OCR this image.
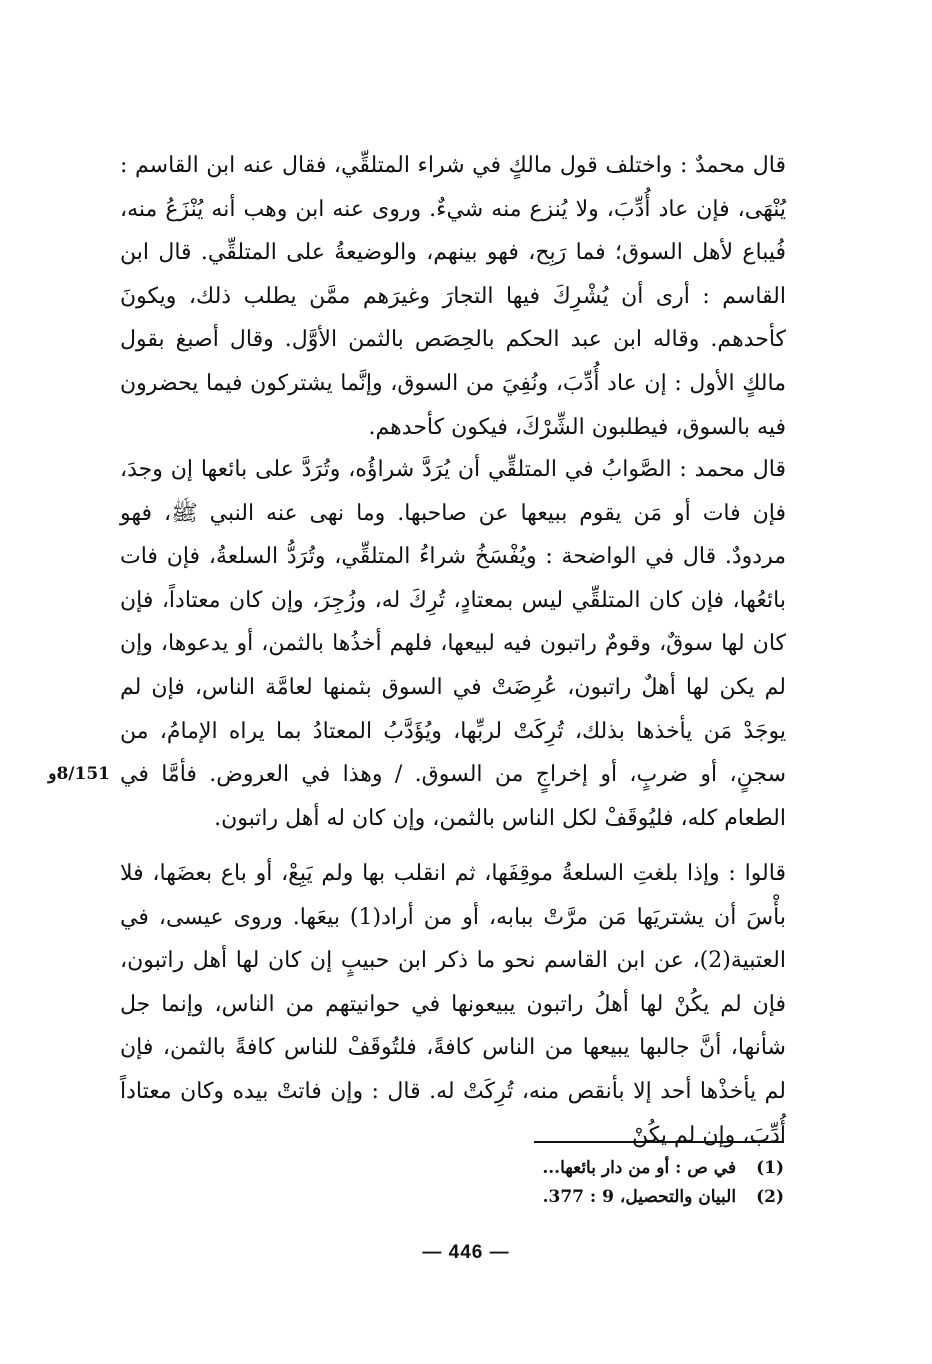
قال محمدٌ : واختلف قول مالكٍ في شراء المتلقِّي، فقال عنه ابن القاسم : يُنْهَى، فإن عاد أُدِّبَ، ولا يُنزع منه شيءٌ. وروى عنه ابن وهب أنه يُنْزَعُ منه، فُيباع لأهل السوق؛ فما رَبِح، فهو بينهم، والوضيعةُ على المتلقِّي. قال ابن القاسم : أرى أن يُشْرِكَ فيها التجارَ وغيرَهم ممَّن يطلب ذلك، ويكونَ كأحدهم. وقاله ابن عبد الحكم بالحِصَص بالثمن الأوَّل. وقال أصبغ بقول مالكٍ الأول : إن عاد أُدِّبَ، ونُفِيَ من السوق، وإنَّما يشتركون فيما يحضرون فيه بالسوق، فيطلبون الشِّرْكَ، فيكون كأحدهم.

قال محمد : الصَّوابُ في المتلقِّي أن يُرَدَّ شراؤُه، وتُرَدَّ على بائعها إن وجدَ، فإن فات أو مَن يقوم ببيعها عن صاحبها. وما نهى عنه النبي ﷺ، فهو مردودٌ. قال في الواضحة : ويُفْسَخُ شراءُ المتلقِّي، وتُرَدُّ السلعةُ، فإن فات بائعُها، فإن كان المتلقِّي ليس بمعتادٍ، تُرِكَ له، وزُجِرَ، وإن كان معتاداً، فإن كان لها سوقٌ، وقومٌ راتبون فيه لبيعها، فلهم أخذُها بالثمن، أو يدعوها، وإن لم يكن لها أهلٌ راتبون، عُرِضَتْ في السوق بثمنها لعامَّة الناس، فإن لم يوجَدْ مَن يأخذها بذلك، تُرِكَتْ لربِّها، ويُؤَدَّبُ المعتادُ بما يراه الإمامُ، من سجنٍ، أو ضربٍ، أو إخراجٍ من السوق. / وهذا في العروض. فأمَّا في الطعام كله، فليُوقَفْ لكل الناس بالثمن، وإن كان له أهل راتبون.

قالوا : وإذا بلغتِ السلعةُ موقِفَها، ثم انقلب بها ولم يَبِعْ، أو باع بعضَها، فلا بأْسَ أن يشتريَها مَن مرَّتْ ببابه، أو من أراد(1) بيعَها. وروى عيسى، في العتبية(2)، عن ابن القاسم نحو ما ذكر ابن حبيبٍ إن كان لها أهل راتبون، فإن لم يكُنْ لها أهلُ راتبون يبيعونها في حوانيتهم من الناس، وإنما جل شأنها، أنَّ جالبها يبيعها من الناس كافةً، فلتُوقَفْ للناس كافةً بالثمن، فإن لم يأخذْها أحد إلا بأنقص منه، تُرِكَتْ له. قال : وإن فاتتْ بيده وكان معتاداً أُدِّبَ، وإن لم يكُنْ

8/151و
(1) في ص : أو من دار بائعها...
(2) البيان والتحصيل، 9 : 377.
— 446 —
